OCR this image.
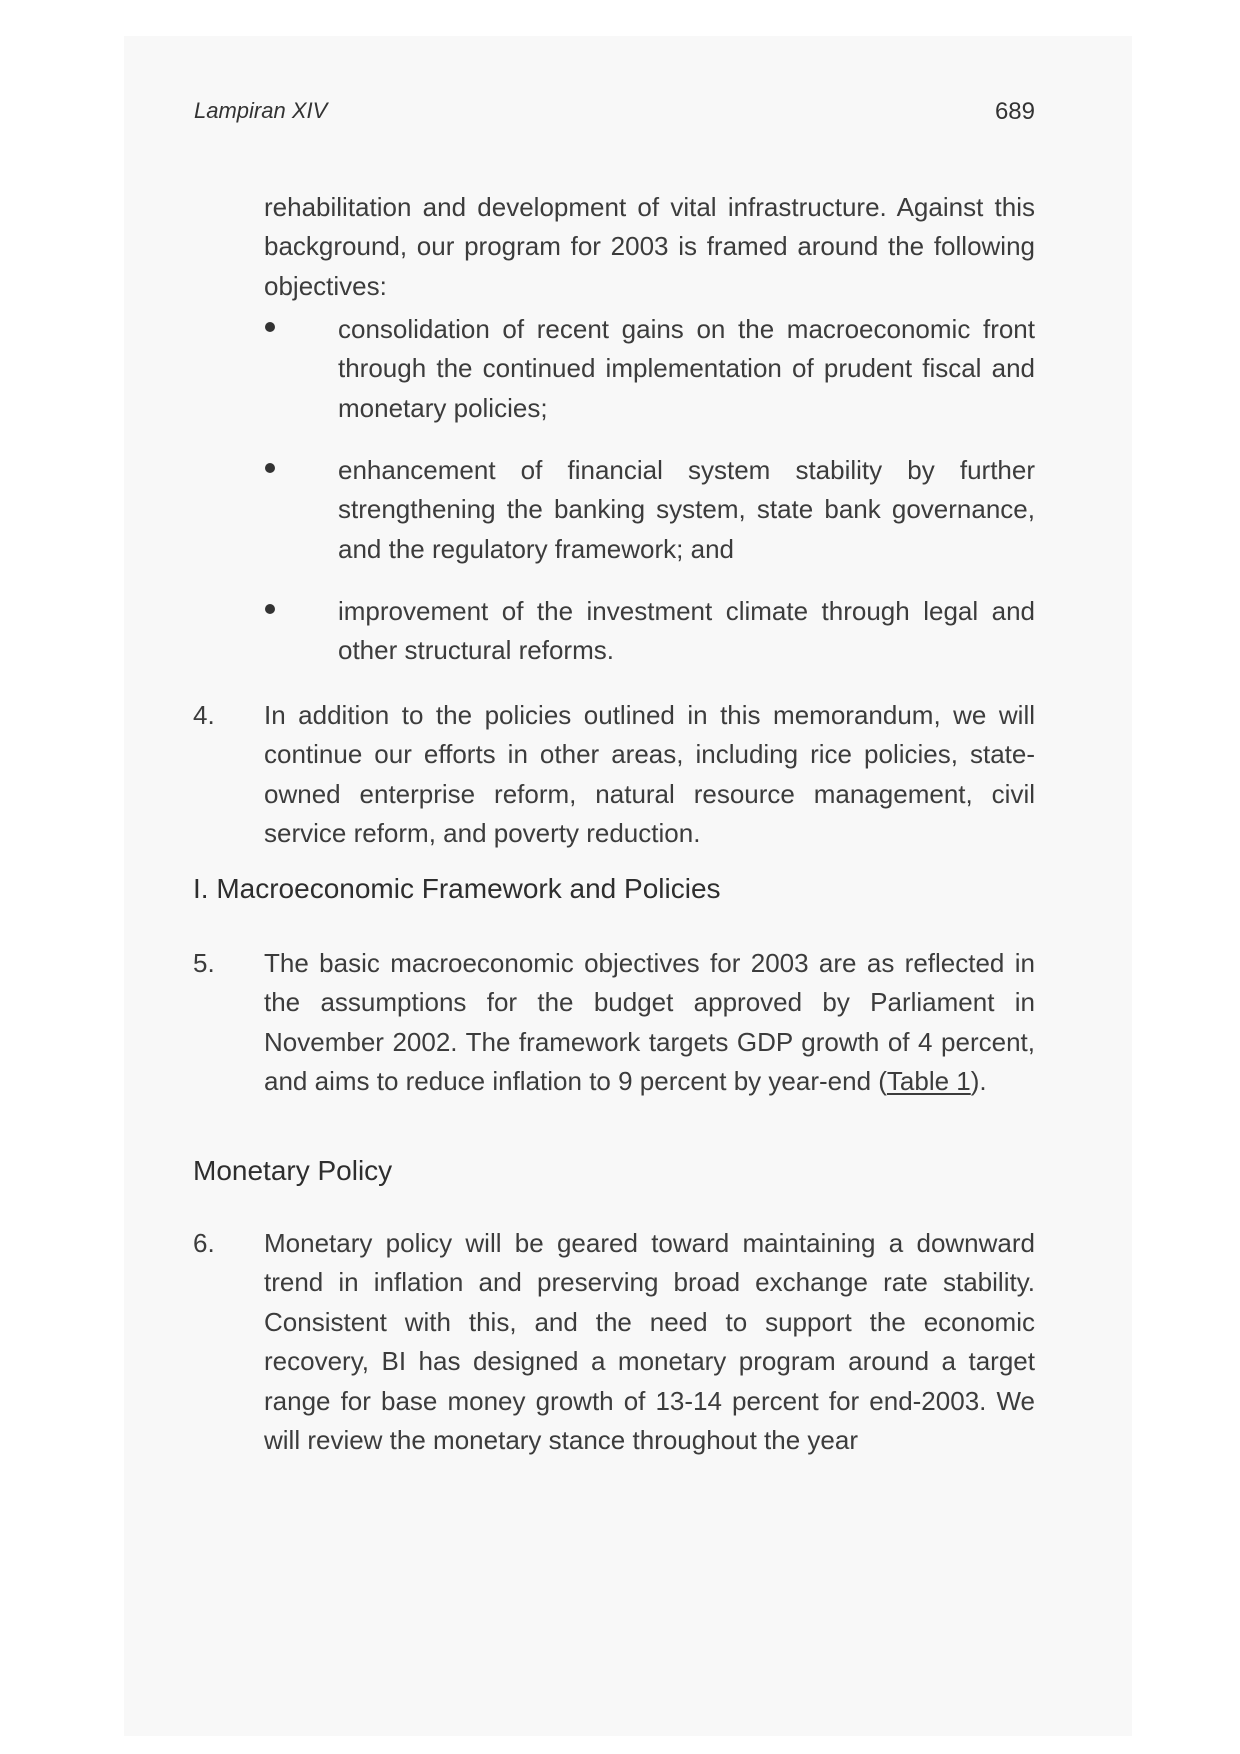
Lampiran XIV	689
rehabilitation and development of vital infrastructure. Against this background, our program for 2003 is framed around the following objectives:
consolidation of recent gains on the macroeconomic front through the continued implementation of prudent fiscal and monetary policies;
enhancement of financial system stability by further strengthening the banking system, state bank governance, and the regulatory framework; and
improvement of the investment climate through legal and other structural reforms.
4. In addition to the policies outlined in this memorandum, we will continue our efforts in other areas, including rice policies, state-owned enterprise reform, natural resource management, civil service reform, and poverty reduction.
I. Macroeconomic Framework and Policies
5. The basic macroeconomic objectives for 2003 are as reflected in the assumptions for the budget approved by Parliament in November 2002. The framework targets GDP growth of 4 percent, and aims to reduce inflation to 9 percent by year-end (Table 1).
Monetary Policy
6. Monetary policy will be geared toward maintaining a downward trend in inflation and preserving broad exchange rate stability. Consistent with this, and the need to support the economic recovery, BI has designed a monetary program around a target range for base money growth of 13-14 percent for end-2003. We will review the monetary stance throughout the year
